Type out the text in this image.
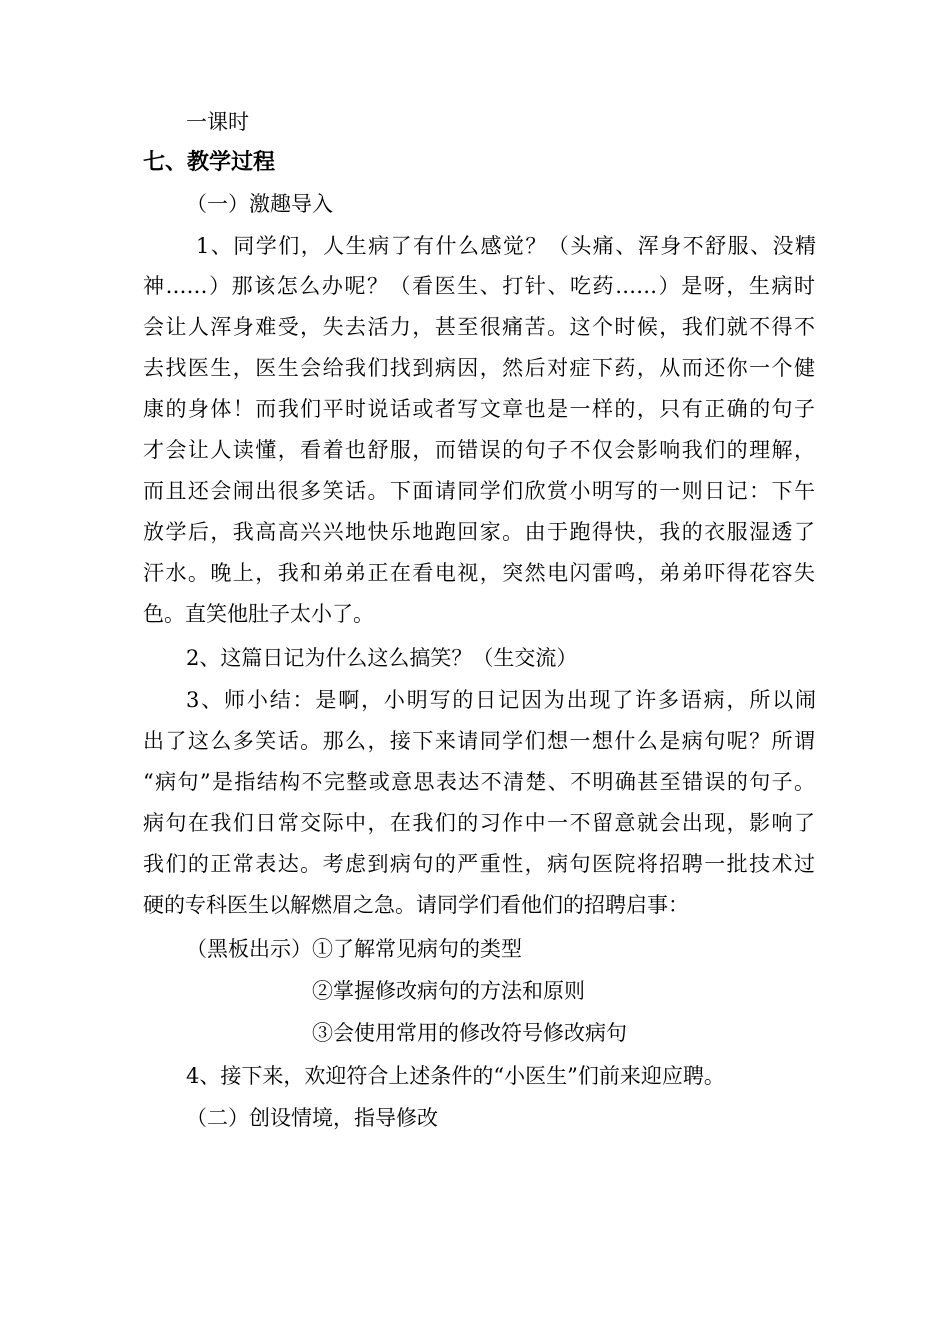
一课时
七、教学过程
（一）激趣导入
1、同学们，人生病了有什么感觉？（头痛、浑身不舒服、没精
神……）那该怎么办呢？（看医生、打针、吃药……）是呀，生病时
会让人浑身难受，失去活力，甚至很痛苦。这个时候，我们就不得不
去找医生，医生会给我们找到病因，然后对症下药，从而还你一个健
康的身体！而我们平时说话或者写文章也是一样的，只有正确的句子
才会让人读懂，看着也舒服，而错误的句子不仅会影响我们的理解，
而且还会闹出很多笑话。下面请同学们欣赏小明写的一则日记：下午
放学后，我高高兴兴地快乐地跑回家。由于跑得快，我的衣服湿透了
汗水。晚上，我和弟弟正在看电视，突然电闪雷鸣，弟弟吓得花容失
色。直笑他肚子太小了。
2、这篇日记为什么这么搞笑？（生交流）
3、师小结：是啊，小明写的日记因为出现了许多语病，所以闹
出了这么多笑话。那么，接下来请同学们想一想什么是病句呢？所谓
“病句”是指结构不完整或意思表达不清楚、不明确甚至错误的句子。
病句在我们日常交际中，在我们的习作中一不留意就会出现，影响了
我们的正常表达。考虑到病句的严重性，病句医院将招聘一批技术过
硬的专科医生以解燃眉之急。请同学们看他们的招聘启事：
（黑板出示）①了解常见病句的类型
②掌握修改病句的方法和原则
③会使用常用的修改符号修改病句
4、接下来，欢迎符合上述条件的“小医生”们前来迎应聘。
（二）创设情境，指导修改
